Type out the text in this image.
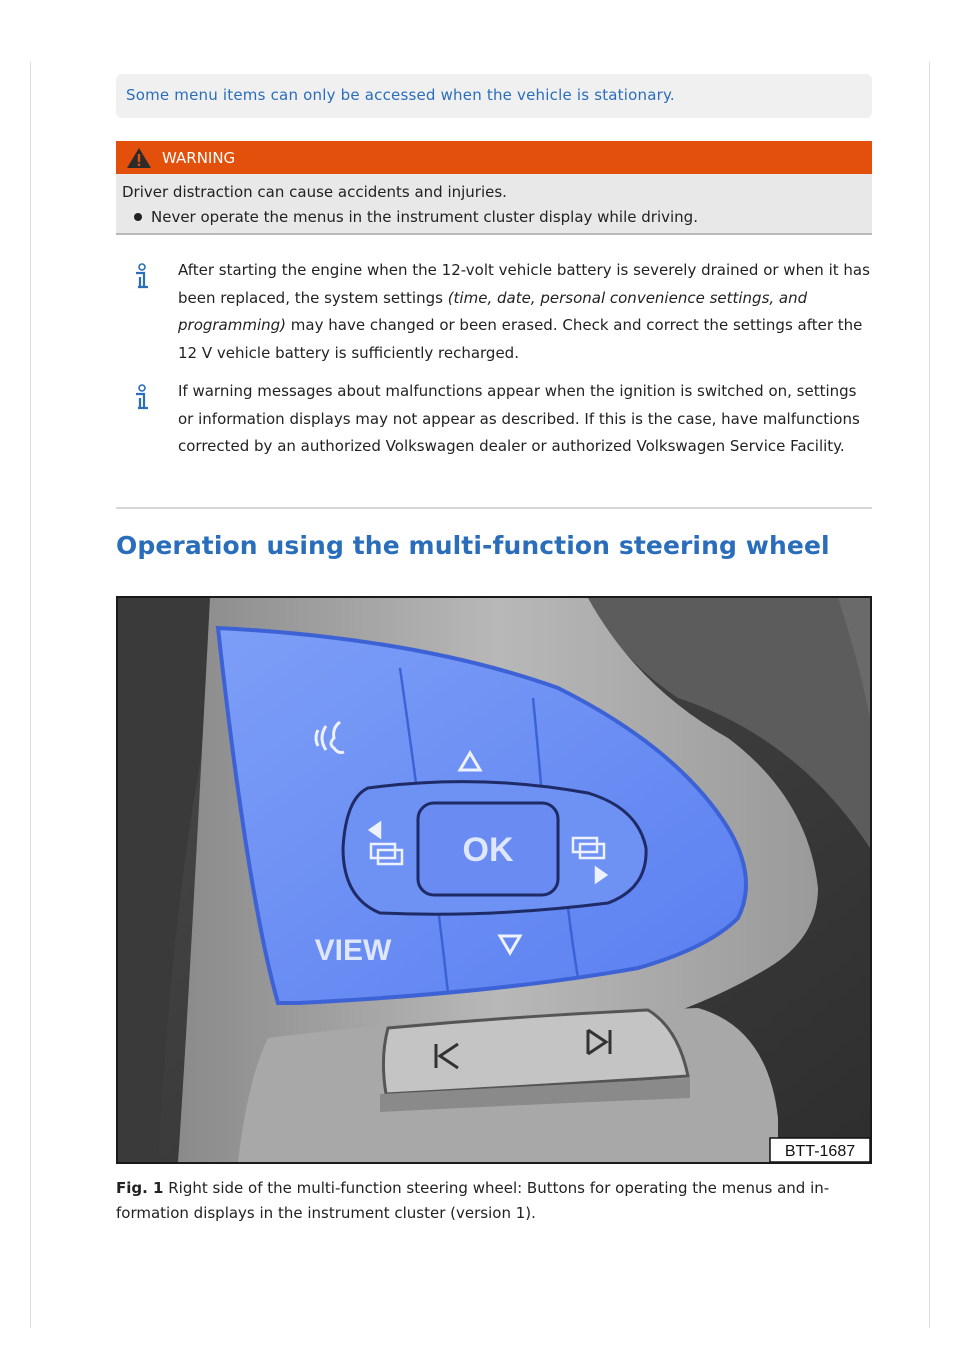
Some menu items can only be accessed when the vehicle is stationary.
WARNING
Driver distraction can cause accidents and injuries.
Never operate the menus in the instrument cluster display while driving.
After starting the engine when the 12-volt vehicle battery is severely drained or when it has been replaced, the system settings (time, date, personal convenience settings, and programming) may have changed or been erased. Check and correct the settings after the 12 V vehicle battery is sufficiently recharged.
If warning messages about malfunctions appear when the ignition is switched on, settings or information displays may not appear as described. If this is the case, have malfunctions corrected by an authorized Volkswagen dealer or authorized Volkswagen Service Facility.
Operation using the multi-function steering wheel
OK
VIEW
BTT-1687
Fig. 1 Right side of the multi-function steering wheel: Buttons for operating the menus and information displays in the instrument cluster (version 1).
